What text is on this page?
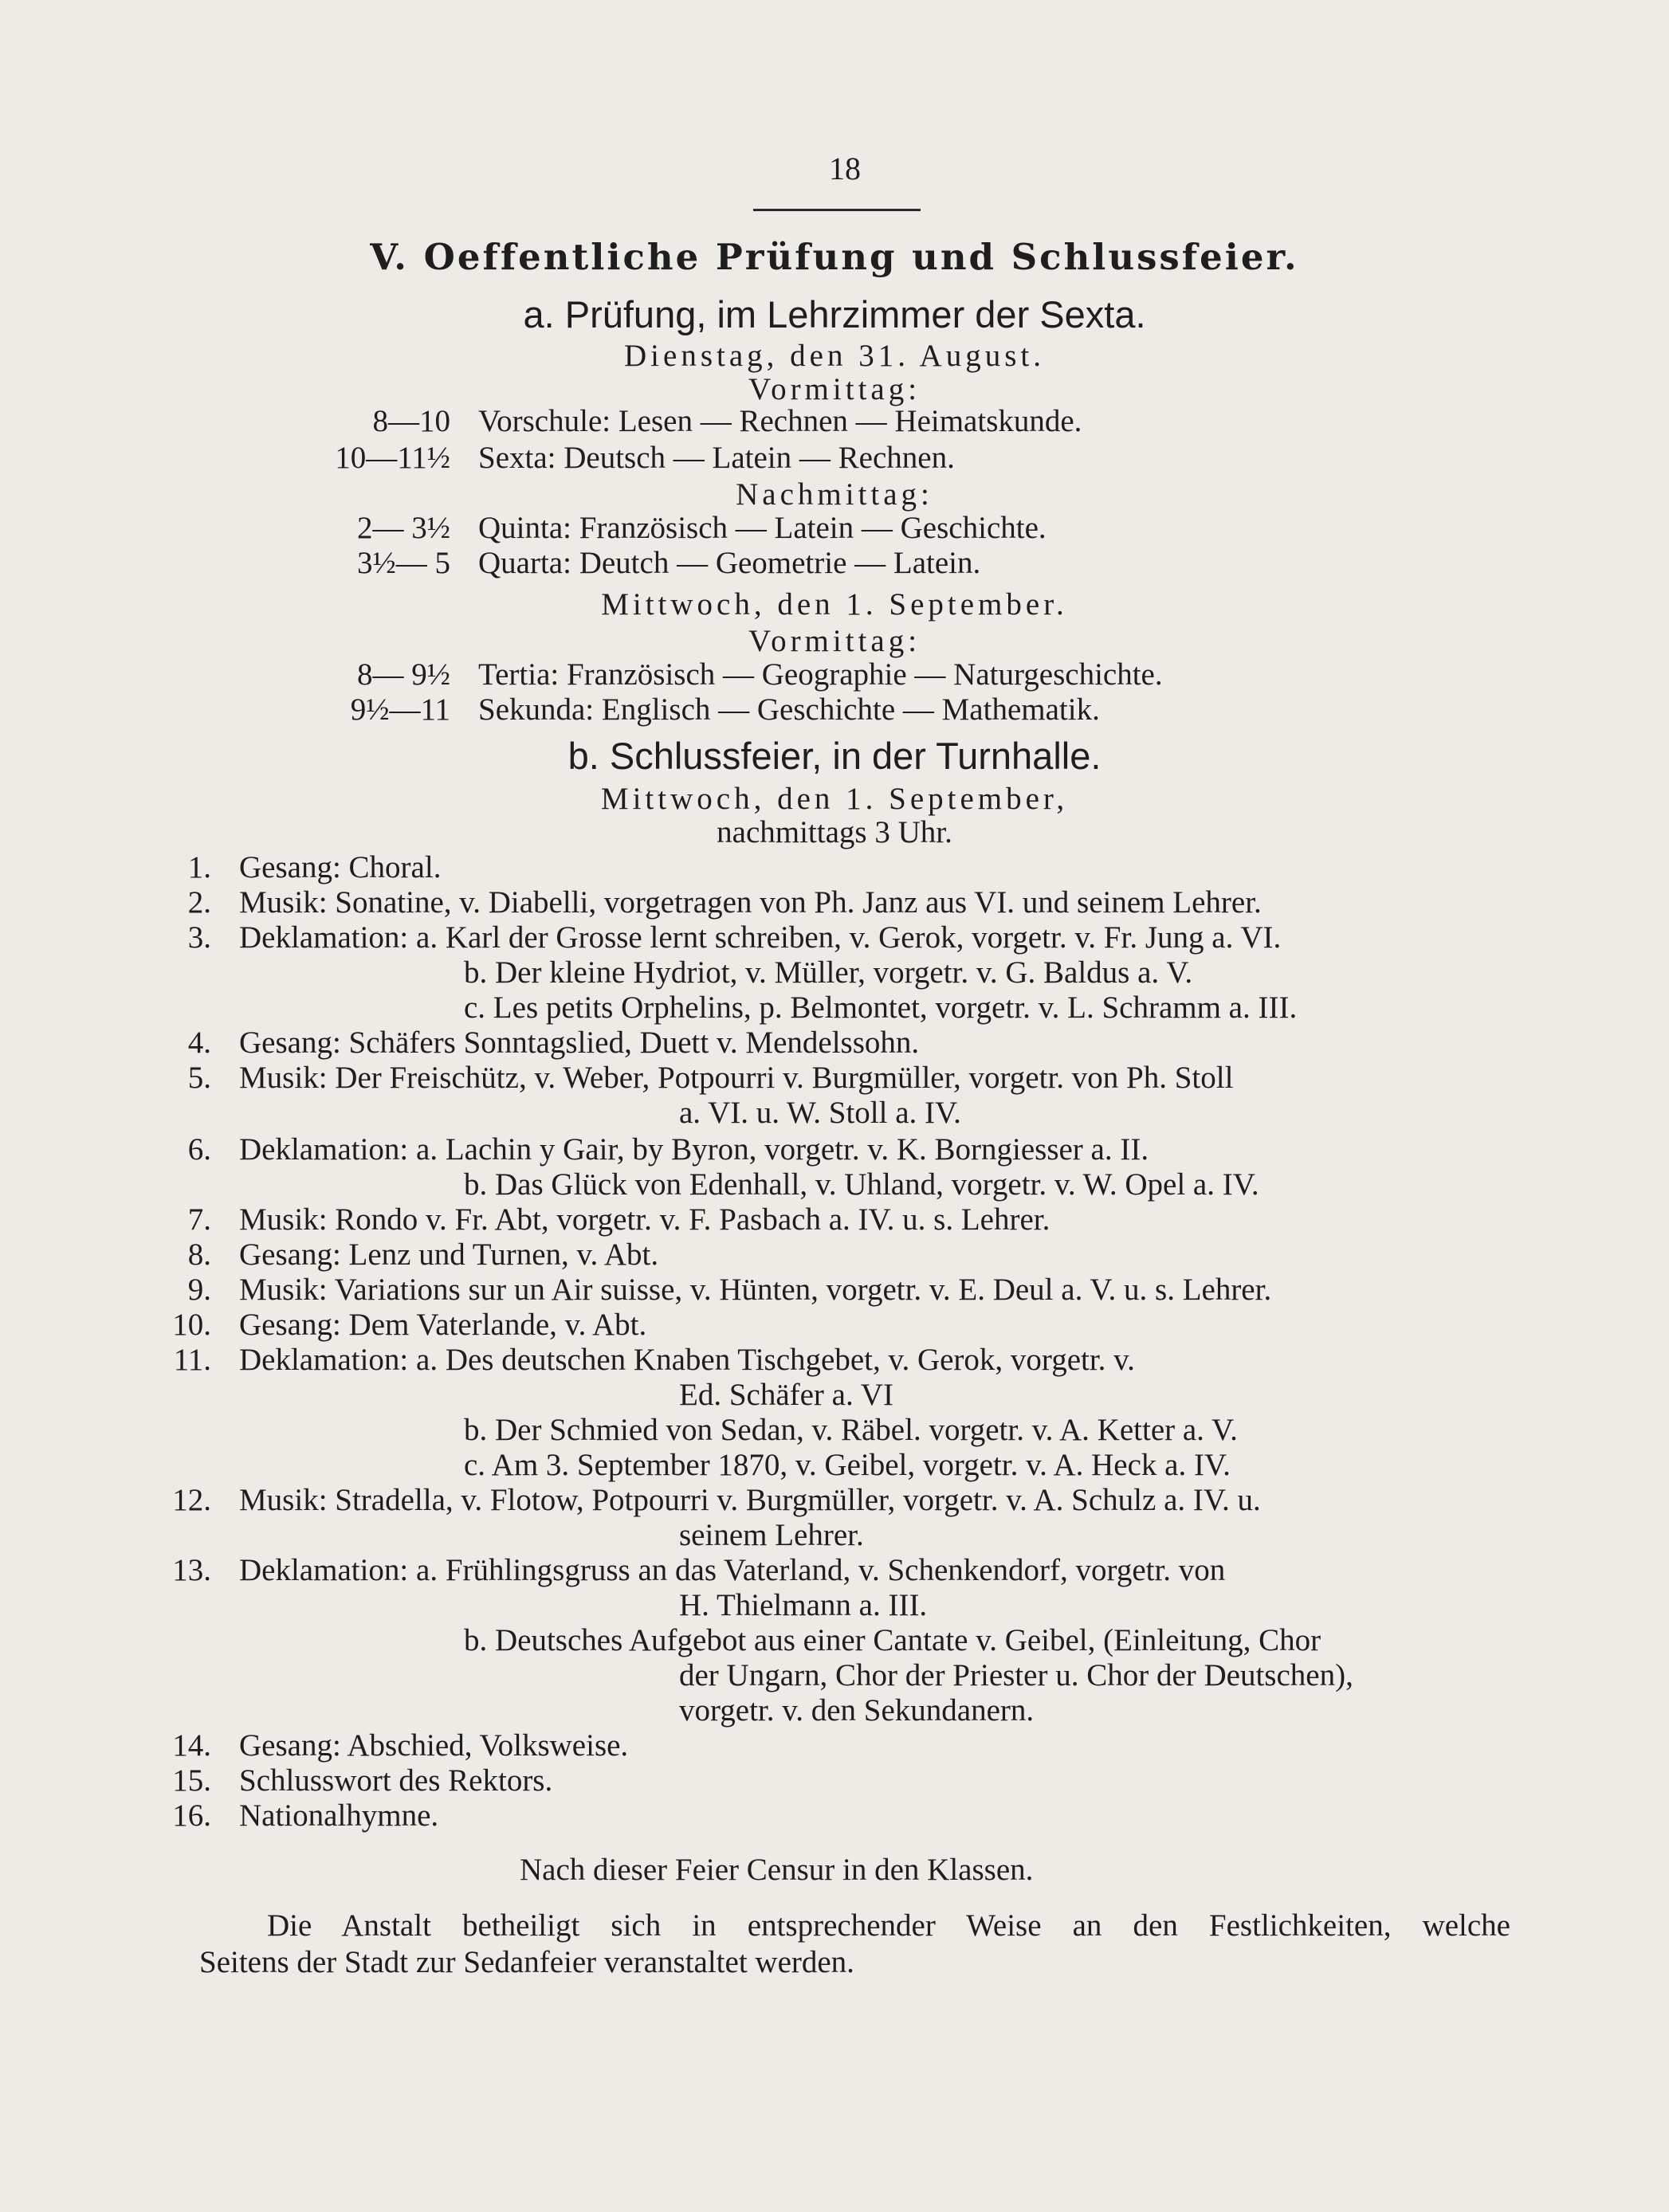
18
V. Oeffentliche Prüfung und Schlussfeier.
a. Prüfung, im Lehrzimmer der Sexta.
Dienstag, den 31. August.
Vormittag:
8—10 Vorschule: Lesen — Rechnen — Heimatskunde.
10—11½ Sexta: Deutsch — Latein — Rechnen.
Nachmittag:
2— 3½ Quinta: Französisch — Latein — Geschichte.
3½— 5 Quarta: Deutch — Geometrie — Latein.
Mittwoch, den 1. September.
Vormittag:
8— 9½ Tertia: Französisch — Geographie — Naturgeschichte.
9½—11 Sekunda: Englisch — Geschichte — Mathematik.
b. Schlussfeier, in der Turnhalle.
Mittwoch, den 1. September,
nachmittags 3 Uhr.
1. Gesang: Choral.
2. Musik: Sonatine, v. Diabelli, vorgetragen von Ph. Janz aus VI. und seinem Lehrer.
3. Deklamation: a. Karl der Grosse lernt schreiben, v. Gerok, vorgetr. v. Fr. Jung a. VI.
b. Der kleine Hydriot, v. Müller, vorgetr. v. G. Baldus a. V.
c. Les petits Orphelins, p. Belmontet, vorgetr. v. L. Schramm a. III.
4. Gesang: Schäfers Sonntagslied, Duett v. Mendelssohn.
5. Musik: Der Freischütz, v. Weber, Potpourri v. Burgmüller, vorgetr. von Ph. Stoll
a. VI. u. W. Stoll a. IV.
6. Deklamation: a. Lachin y Gair, by Byron, vorgetr. v. K. Borngiesser a. II.
b. Das Glück von Edenhall, v. Uhland, vorgetr. v. W. Opel a. IV.
7. Musik: Rondo v. Fr. Abt, vorgetr. v. F. Pasbach a. IV. u. s. Lehrer.
8. Gesang: Lenz und Turnen, v. Abt.
9. Musik: Variations sur un Air suisse, v. Hünten, vorgetr. v. E. Deul a. V. u. s. Lehrer.
10. Gesang: Dem Vaterlande, v. Abt.
11. Deklamation: a. Des deutschen Knaben Tischgebet, v. Gerok, vorgetr. v.
Ed. Schäfer a. VI
b. Der Schmied von Sedan, v. Räbel. vorgetr. v. A. Ketter a. V.
c. Am 3. September 1870, v. Geibel, vorgetr. v. A. Heck a. IV.
12. Musik: Stradella, v. Flotow, Potpourri v. Burgmüller, vorgetr. v. A. Schulz a. IV. u.
seinem Lehrer.
13. Deklamation: a. Frühlingsgruss an das Vaterland, v. Schenkendorf, vorgetr. von
H. Thielmann a. III.
b. Deutsches Aufgebot aus einer Cantate v. Geibel, (Einleitung, Chor
der Ungarn, Chor der Priester u. Chor der Deutschen),
vorgetr. v. den Sekundanern.
14. Gesang: Abschied, Volksweise.
15. Schlusswort des Rektors.
16. Nationalhymne.
Nach dieser Feier Censur in den Klassen.
Die Anstalt betheiligt sich in entsprechender Weise an den Festlichkeiten, welche
Seitens der Stadt zur Sedanfeier veranstaltet werden.
